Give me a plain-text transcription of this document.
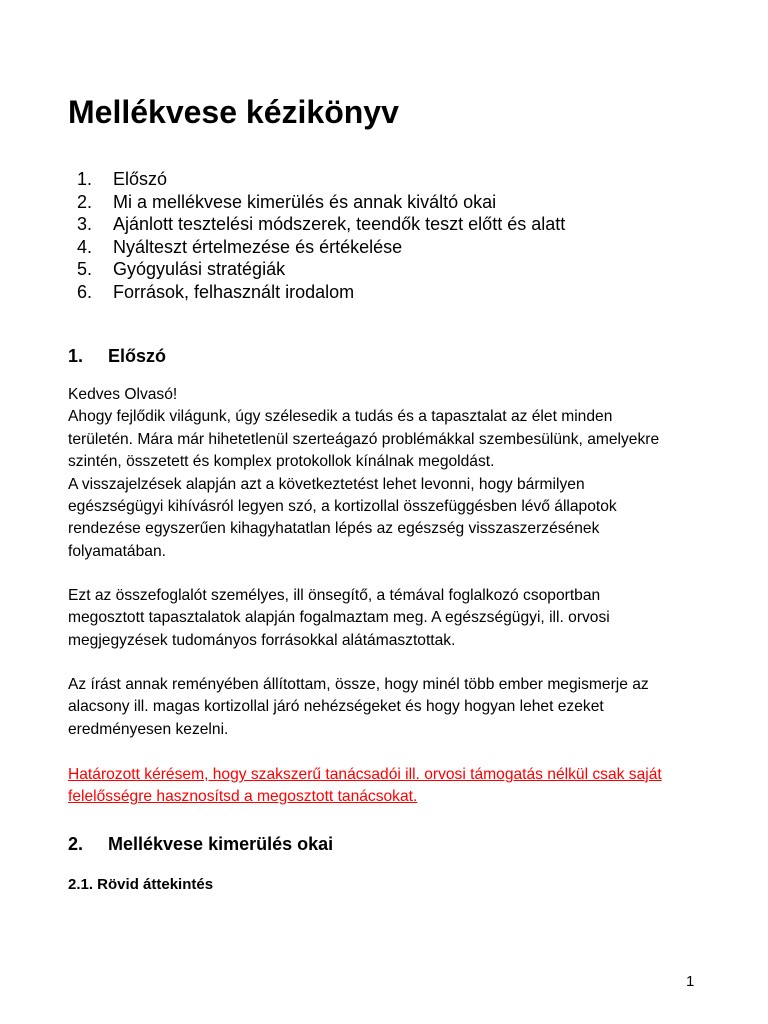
Mellékvese kézikönyv
1.	Előszó
2.	Mi a mellékvese kimerülés és annak kiváltó okai
3.	Ajánlott tesztelési módszerek, teendők teszt előtt és alatt
4.	Nyálteszt értelmezése és értékelése
5.	Gyógyulási stratégiák
6.	Források, felhasznált irodalom
1.	Előszó

Kedves Olvasó!
Ahogy fejlődik világunk, úgy szélesedik a tudás és a tapasztalat az élet minden
területén. Mára már hihetetlenül szerteágazó problémákkal szembesülünk, amelyekre
szintén, összetett és komplex protokollok kínálnak megoldást.
A visszajelzések alapján azt a következtetést lehet levonni, hogy bármilyen
egészségügyi kihívásról legyen szó, a kortizollal összefüggésben lévő állapotok
rendezése egyszerűen kihagyhatatlan lépés az egészség visszaszerzésének
folyamatában.

Ezt az összefoglalót személyes, ill önsegítő, a témával foglalkozó csoportban
megosztott tapasztalatok alapján fogalmaztam meg. A egészségügyi, ill. orvosi
megjegyzések tudományos forrásokkal alátámasztottak.

Az írást annak reményében állítottam, össze, hogy minél több ember megismerje az
alacsony ill. magas kortizollal járó nehézségeket és hogy hogyan lehet ezeket
eredményesen kezelni.

Határozott kérésem, hogy szakszerű tanácsadói ill. orvosi támogatás nélkül csak saját
felelősségre hasznosítsd a megosztott tanácsokat.

2.	Mellékvese kimerülés okai
2.1. Rövid áttekintés
1
